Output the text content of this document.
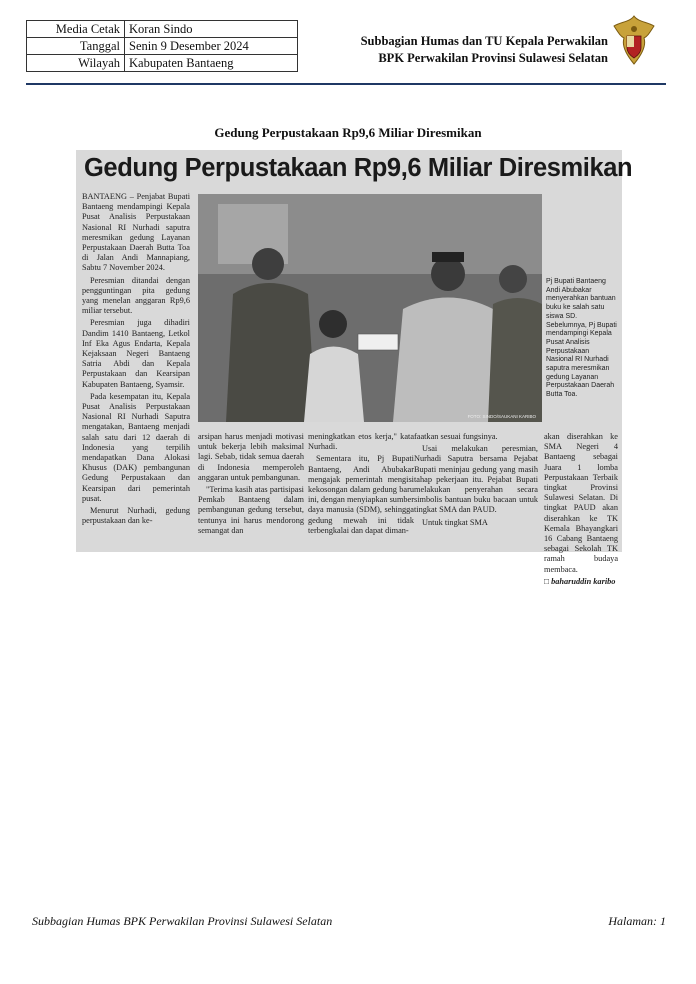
Media Cetak	Koran Sindo
Tanggal	Senin 9 Desember 2024
Wilayah	Kabupaten Bantaeng
Subbagian Humas dan TU Kepala Perwakilan
BPK Perwakilan Provinsi Sulawesi Selatan
Gedung Perpustakaan Rp9,6 Miliar Diresmikan
Gedung Perpustakaan Rp9,6 Miliar Diresmikan

BANTAENG – Penjabat Bupati Bantaeng mendampingi Kepala Pusat Analisis Perpustakaan Nasional RI Nurhadi saputra meresmikan gedung Layanan Perpustakaan Daerah Butta Toa di Jalan Andi Mannapiang, Sabtu 7 November 2024.

Peresmian ditandai dengan pengguntingan pita gedung yang menelan anggaran Rp9,6 miliar tersebut.

Peresmian juga dihadiri Dandim 1410 Bantaeng, Letkol Inf Eka Agus Endarta, Kepala Kejaksaan Negeri Bantaeng Satria Abdi dan Kepala Perpustakaan dan Kearsipan Kabupaten Bantaeng, Syamsir.

Pada kesempatan itu, Kepala Pusat Analisis Perpustakaan Nasional RI Nurhadi Saputra mengatakan, Bantaeng menjadi salah satu dari 12 daerah di Indonesia yang terpilih mendapatkan Dana Alokasi Khusus (DAK) pembangunan Gedung Perpustakaan dan Kearsipan dari pemerintah pusat.

Menurut Nurhadi, gedung perpustakaan dan ke-

FOTO: SINDO/SAUKANI KARIBO
Pj Bupati Bantaeng Andi Abubakar menyerahkan bantuan buku ke salah satu siswa SD. Sebelumnya, Pj Bupati mendampingi Kepala Pusat Analisis Perpustakaan Nasional RI Nurhadi saputra meresmikan gedung Layanan Perpustakaan Daerah Butta Toa.

arsipan harus menjadi motivasi untuk bekerja lebih maksimal lagi. Sebab, tidak semua daerah di Indonesia memperoleh anggaran untuk pembangunan.

"Terima kasih atas partisipasi Pemkab Bantaeng dalam pembangunan gedung tersebut, tentunya ini harus mendorong semangat dan

meningkatkan etos kerja," kata Nurhadi.

Sementara itu, Pj Bupati Bantaeng, Andi Abubakar mengajak pemerintah mengisi kekosongan dalam gedung baru ini, dengan menyiapkan sumber daya manusia (SDM), sehingga gedung mewah ini tidak terbengkalai dan dapat diman-

faatkan sesuai fungsinya.

Usai melakukan peresmian, Nurhadi Saputra bersama Pejabat Bupati meninjau gedung yang masih tahap pekerjaan itu. Pejabat Bupati melakukan penyerahan secara simbolis bantuan buku bacaan untuk tingkat SMA dan PAUD.

Untuk tingkat SMA

akan diserahkan ke SMA Negeri 4 Bantaeng sebagai Juara 1 lomba Perpustakaan Terbaik tingkat Provinsi Sulawesi Selatan. Di tingkat PAUD akan diserahkan ke TK Kemala Bhayangkari 16 Cabang Bantaeng sebagai Sekolah TK ramah budaya membaca.

□ baharuddin karibo

Subbagian Humas BPK Perwakilan Provinsi Sulawesi Selatan	Halaman: 1
